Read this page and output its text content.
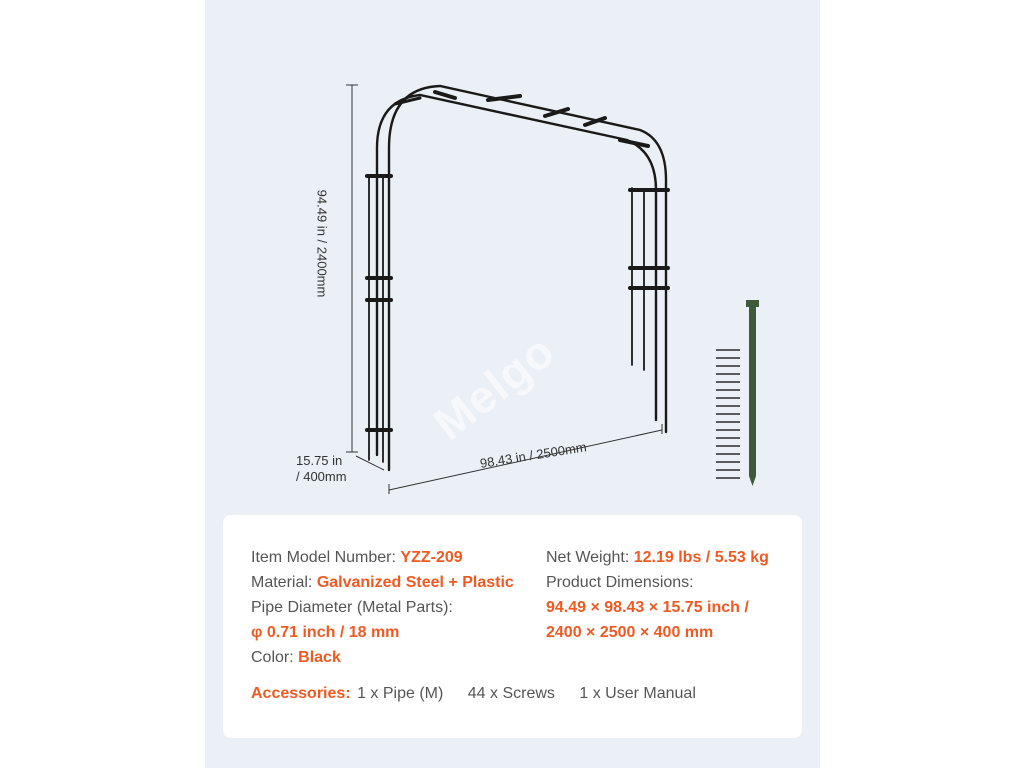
Melgo
94.49 in / 2400mm
15.75 in
/ 400mm
98.43 in / 2500mm
Item Model Number: YZZ-209
Material: Galvanized Steel + Plastic
Pipe Diameter (Metal Parts):
φ 0.71 inch / 18 mm
Color: Black
Net Weight: 12.19 lbs / 5.53 kg
Product Dimensions:
94.49 × 98.43 × 15.75 inch /
2400 × 2500 × 400 mm
Accessories: 1 x Pipe (M) 44 x Screws 1 x User Manual
